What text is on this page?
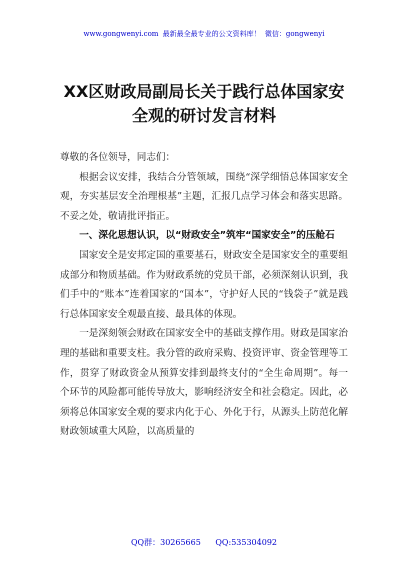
www.gongwenyi.com 最新最全最专业的公文资料库！ 微信：gongwenyi
XX区财政局副局长关于践行总体国家安全观的研讨发言材料

尊敬的各位领导，同志们：

根据会议安排，我结合分管领域，围绕“深学细悟总体国家安全观，夯实基层安全治理根基”主题，汇报几点学习体会和落实思路。不妥之处，敬请批评指正。

一、深化思想认识，以“财政安全”筑牢“国家安全”的压舱石

国家安全是安邦定国的重要基石，财政安全是国家安全的重要组成部分和物质基础。作为财政系统的党员干部，必须深刻认识到，我们手中的“账本”连着国家的“国本”，守护好人民的“钱袋子”就是践行总体国家安全观最直接、最具体的体现。

一是深刻领会财政在国家安全中的基础支撑作用。财政是国家治理的基础和重要支柱。我分管的政府采购、投资评审、资金管理等工作，贯穿了财政资金从预算安排到最终支付的“全生命周期”。每一个环节的风险都可能传导放大，影响经济安全和社会稳定。因此，必须将总体国家安全观的要求内化于心、外化于行，从源头上防范化解财政领域重大风险，以高质量的

QQ群：30265665 QQ:535304092
